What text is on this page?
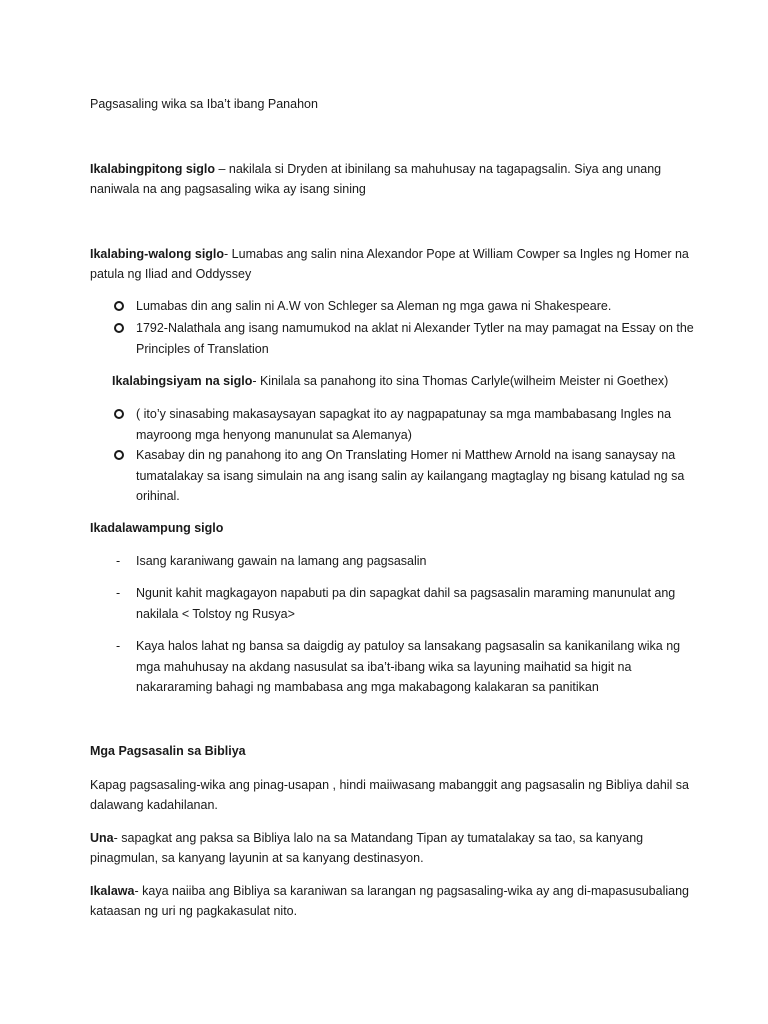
Pagsasaling wika sa Iba’t ibang Panahon

Ikalabingpitong siglo – nakilala si Dryden at ibinilang sa mahuhusay na tagapagsalin. Siya ang unang naniwala na ang pagsasaling wika ay isang sining

Ikalabing-walong siglo- Lumabas ang salin nina Alexandor Pope at William Cowper sa Ingles ng Homer na patula ng Iliad and Oddyssey

Lumabas din ang salin ni A.W von Schleger sa Aleman ng mga gawa ni Shakespeare.

1792-Nalathala ang isang namumukod na aklat ni Alexander Tytler na may pamagat na Essay on the Principles of Translation

Ikalabingsiyam na siglo- Kinilala sa panahong ito sina Thomas Carlyle(wilheim Meister ni Goethex)

( ito’y sinasabing makasaysayan sapagkat ito ay nagpapatunay sa mga mambabasang Ingles na mayroong mga henyong manunulat sa Alemanya)

Kasabay din ng panahong ito ang On Translating Homer ni Matthew Arnold na isang sanaysay na tumatalakay sa isang simulain na ang isang salin ay kailangang magtaglay ng bisang katulad ng sa orihinal.

Ikadalawampung siglo

- Isang karaniwang gawain na lamang ang pagsasalin

- Ngunit kahit magkagayon napabuti pa din sapagkat dahil sa pagsasalin maraming manunulat ang nakilala < Tolstoy ng Rusya>

- Kaya halos lahat ng bansa sa daigdig ay patuloy sa lansakang pagsasalin sa kanikanilang wika ng mga mahuhusay na akdang nasusulat sa iba’t-ibang wika sa layuning maihatid sa higit na nakararaming bahagi ng mambabasa ang mga makabagong kalakaran sa panitikan

Mga Pagsasalin sa Bibliya

Kapag pagsasaling-wika ang pinag-usapan , hindi maiiwasang mabanggit ang pagsasalin ng Bibliya dahil sa dalawang kadahilanan.

Una- sapagkat ang paksa sa Bibliya lalo na sa Matandang Tipan ay tumatalakay sa tao, sa kanyang pinagmulan, sa kanyang layunin at sa kanyang destinasyon.

Ikalawa- kaya naiiba ang Bibliya sa karaniwan sa larangan ng pagsasaling-wika ay ang di-mapasusubaliang kataasan ng uri ng pagkakasulat nito.
